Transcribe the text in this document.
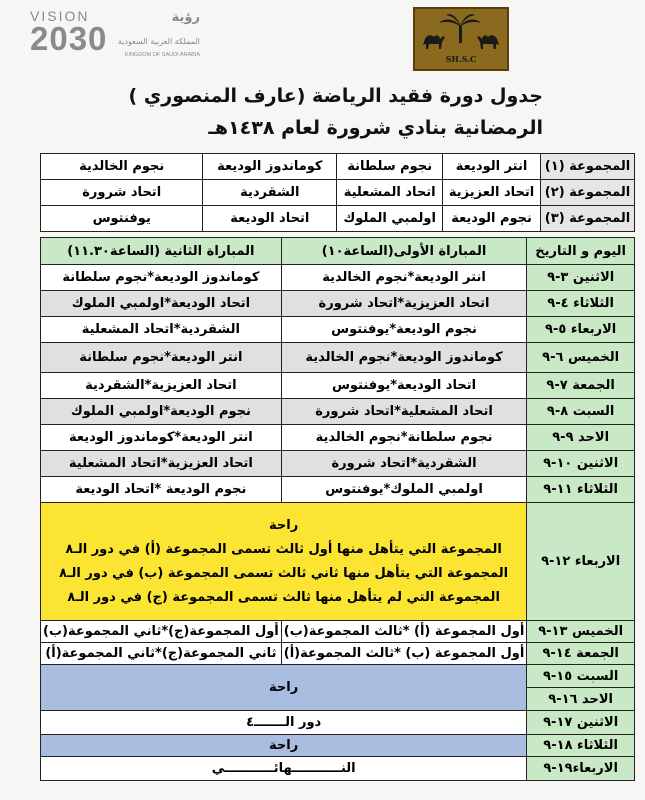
VISION	رؤية
2030 المملكة العربية السعودية
KINGDOM OF SAUDI ARABIA	SH.S.C
جدول دورة فقيد الرياضة (عارف المنصوري )
الرمضانية بنادي شرورة لعام ١٤٣٨هـ
المجموعة (١)	انتر الوديعة	نجوم سلطانة	كوماندوز الوديعة	نجوم الخالدية
المجموعة (٢)	اتحاد العزيزية	اتحاد المشعلية	الشقردية	اتحاد شرورة
المجموعة (٣)	نجوم الوديعة	اولمبي الملوك	اتحاد الوديعة	يوفنتوس
اليوم و التاريخ	المباراة الأولى(الساعة١٠)	المباراة الثانية (الساعة١١.٣٠)
الاثنين ٣-٩	انتر الوديعة*نجوم الخالدية	كوماندوز الوديعة*نجوم سلطانة
الثلاثاء ٤-٩	اتحاد العزيزية*اتحاد شرورة	اتحاد الوديعة*اولمبي الملوك
الاربعاء ٥-٩	نجوم الوديعة*يوفنتوس	الشقردية*اتحاد المشعلية
الخميس ٦-٩	كوماندوز الوديعة*نجوم الخالدية	انتر الوديعة*نجوم سلطانة
الجمعة ٧-٩	اتحاد الوديعة*يوفنتوس	اتحاد العزيزية*الشقردية
السبت ٨-٩	اتحاد المشعلية*اتحاد شرورة	نجوم الوديعة*اولمبي الملوك
الاحد ٩-٩	نجوم سلطانة*نجوم الخالدية	انتر الوديعة*كوماندوز الوديعة
الاثنين ١٠-٩	الشقردية*اتحاد شرورة	اتحاد العزيزية*اتحاد المشعلية
الثلاثاء ١١-٩	اولمبي الملوك*يوفنتوس	نجوم الوديعة *اتحاد الوديعة
الاربعاء ١٢-٩	راحة
المجموعة التي يتأهل منها أول ثالث تسمى المجموعة (أ) في دور الـ٨
المجموعة التي يتأهل منها ثاني ثالث تسمى المجموعة (ب) في دور الـ٨
المجموعة التي لم يتأهل منها ثالث تسمى المجموعة (ج) في دور الـ٨	

الخميس ١٣-٩	أول المجموعة (أ) *ثالث المجموعة(ب)	أول المجموعة(ج)*ثاني المجموعة(ب)
الجمعة ١٤-٩	أول المجموعة (ب) *ثالث المجموعة(أ)	ثاني المجموعة(ج)*ثاني المجموعة(أ)
السبت ١٥-٩	راحة	
الاحد ١٦-٩		
الاثنين ١٧-٩	دور الـــــــ٤	
الثلاثاء ١٨-٩	راحة	
الاربعاء١٩-٩	النـــــــــــهائـــــــــــي	
